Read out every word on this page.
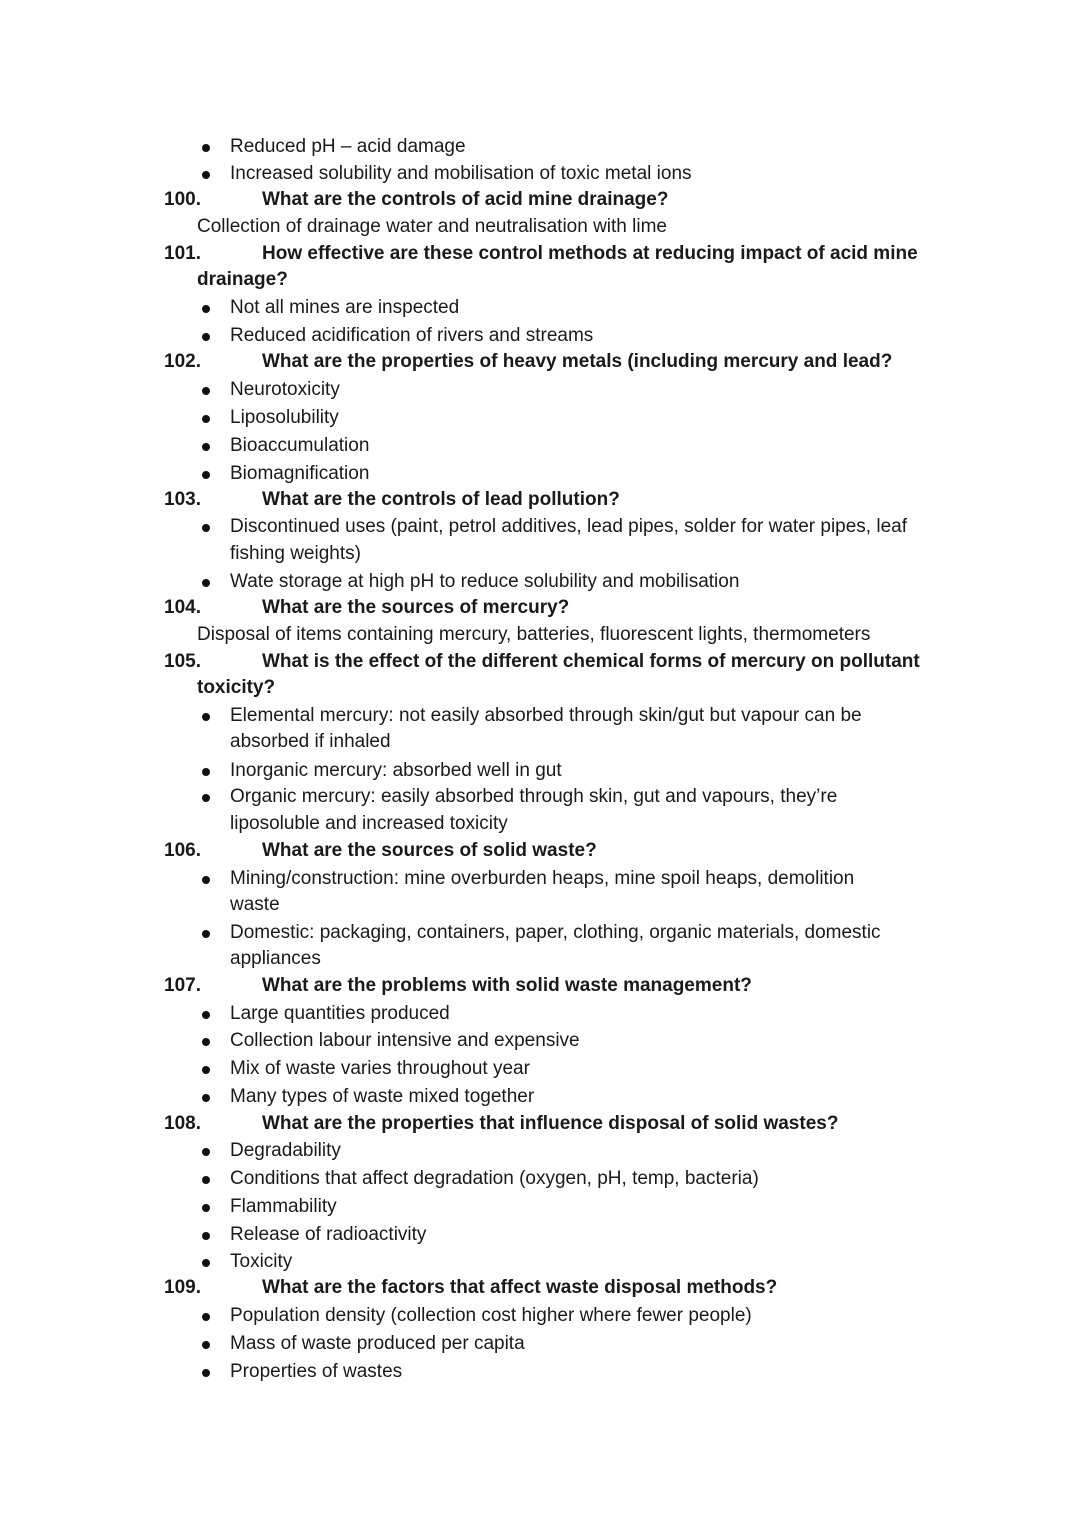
Reduced pH – acid damage
Increased solubility and mobilisation of toxic metal ions
100.	What are the controls of acid mine drainage?
Collection of drainage water and neutralisation with lime
101.	How effective are these control methods at reducing impact of acid mine
drainage?
Not all mines are inspected
Reduced acidification of rivers and streams
102.	What are the properties of heavy metals (including mercury and lead?
Neurotoxicity
Liposolubility
Bioaccumulation
Biomagnification
103.	What are the controls of lead pollution?
Discontinued uses (paint, petrol additives, lead pipes, solder for water pipes, leaf
fishing weights)
Wate storage at high pH to reduce solubility and mobilisation
104.	What are the sources of mercury?
Disposal of items containing mercury, batteries, fluorescent lights, thermometers
105.	What is the effect of the different chemical forms of mercury on pollutant
toxicity?
Elemental mercury: not easily absorbed through skin/gut but vapour can be
absorbed if inhaled
Inorganic mercury: absorbed well in gut
Organic mercury: easily absorbed through skin, gut and vapours, they’re
liposoluble and increased toxicity
106.	What are the sources of solid waste?
Mining/construction: mine overburden heaps, mine spoil heaps, demolition
waste
Domestic: packaging, containers, paper, clothing, organic materials, domestic
appliances
107.	What are the problems with solid waste management?
Large quantities produced
Collection labour intensive and expensive
Mix of waste varies throughout year
Many types of waste mixed together
108.	What are the properties that influence disposal of solid wastes?
Degradability
Conditions that affect degradation (oxygen, pH, temp, bacteria)
Flammability
Release of radioactivity
Toxicity
109.	What are the factors that affect waste disposal methods?
Population density (collection cost higher where fewer people)
Mass of waste produced per capita
Properties of wastes
